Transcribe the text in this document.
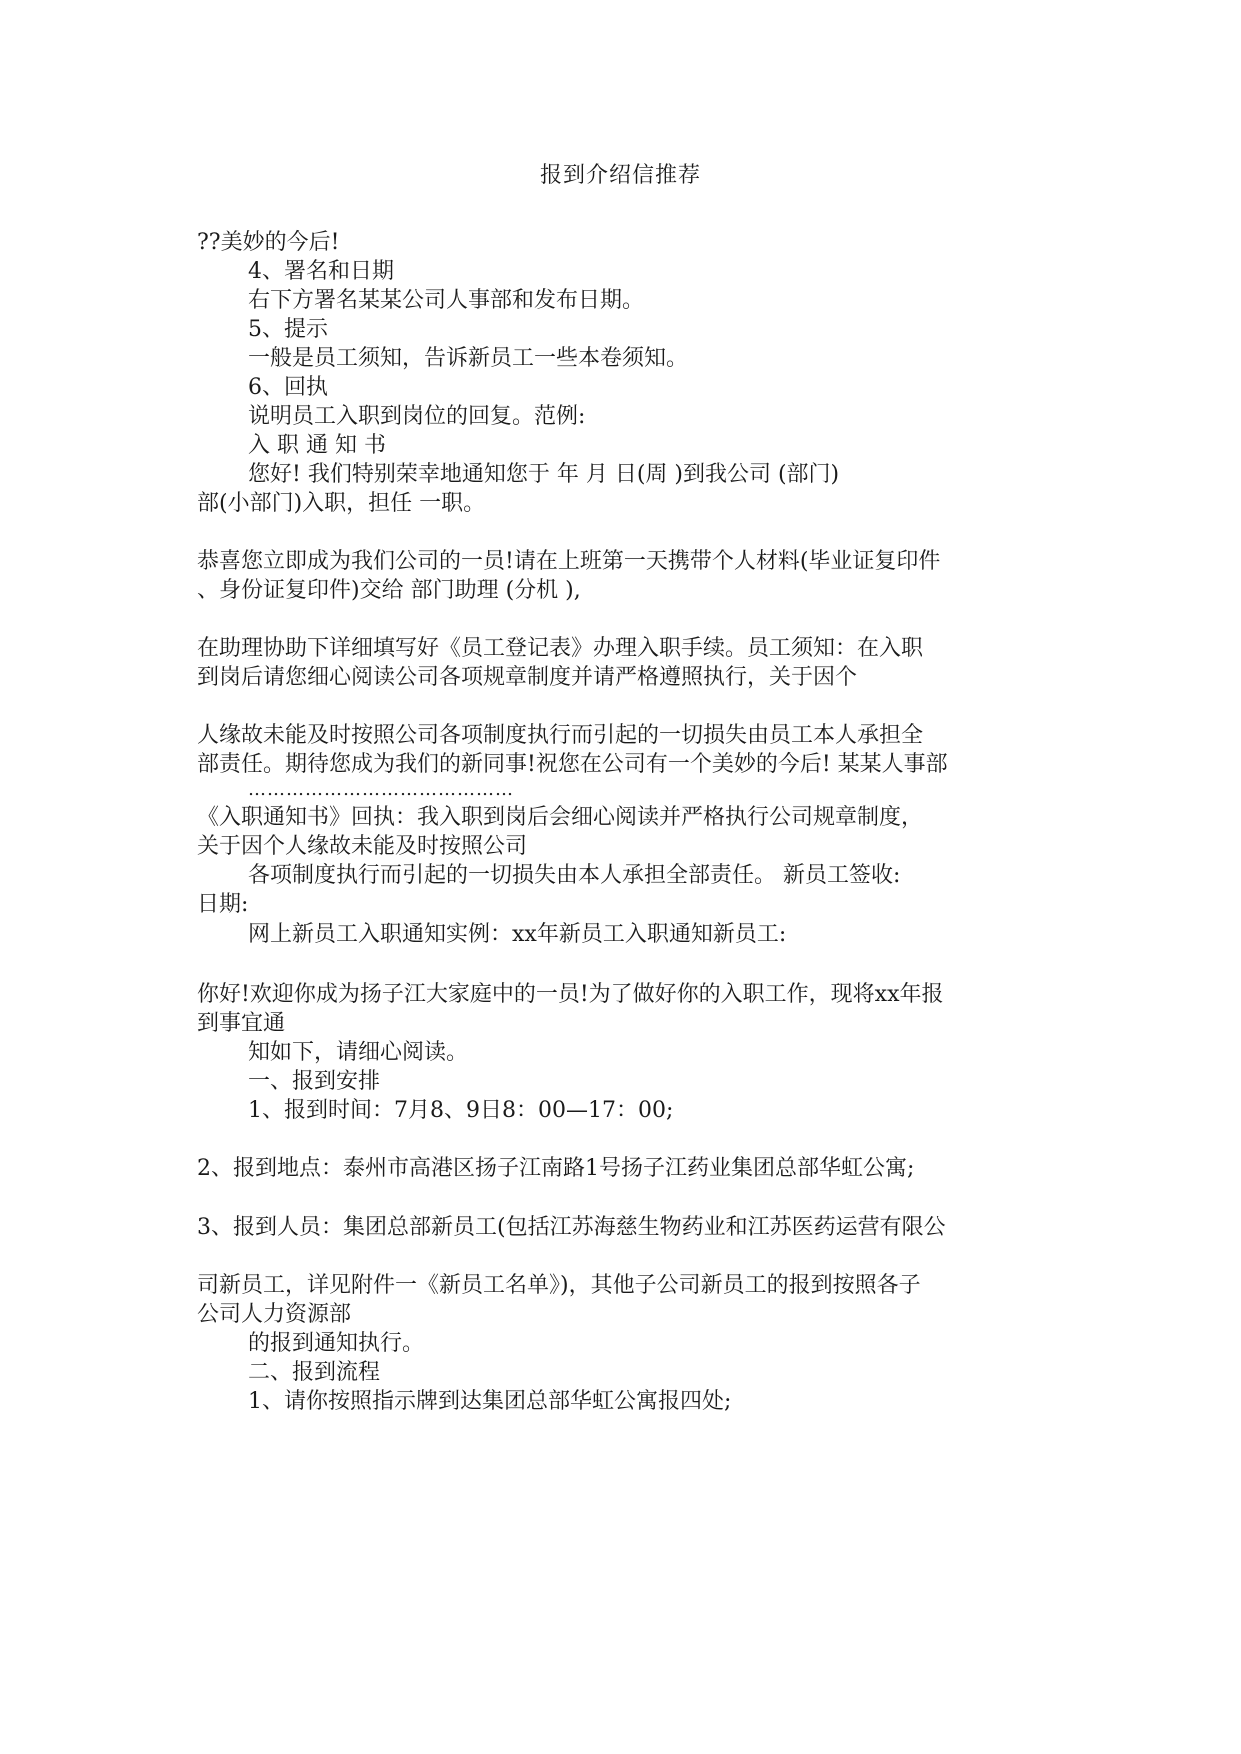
报到介绍信推荐
??美妙的今后!
4、署名和日期
右下方署名某某公司人事部和发布日期。
5、提示
一般是员工须知，告诉新员工一些本卷须知。
6、回执
说明员工入职到岗位的回复。范例:
入 职 通 知 书
您好! 我们特别荣幸地通知您于 年 月 日(周 )到我公司 (部门)
部(小部门)入职，担任 一职。
恭喜您立即成为我们公司的一员!请在上班第一天携带个人材料(毕业证复印件
、身份证复印件)交给 部门助理 (分机 ),
在助理协助下详细填写好《员工登记表》办理入职手续。员工须知：在入职
到岗后请您细心阅读公司各项规章制度并请严格遵照执行，关于因个
人缘故未能及时按照公司各项制度执行而引起的一切损失由员工本人承担全
部责任。期待您成为我们的新同事!祝您在公司有一个美妙的今后! 某某人事部
……………………………………
《入职通知书》回执：我入职到岗后会细心阅读并严格执行公司规章制度，
关于因个人缘故未能及时按照公司
各项制度执行而引起的一切损失由本人承担全部责任。 新员工签收:
日期:
网上新员工入职通知实例：xx年新员工入职通知新员工:
你好!欢迎你成为扬子江大家庭中的一员!为了做好你的入职工作，现将xx年报
到事宜通
知如下，请细心阅读。
一、报到安排
1、报到时间：7月8、9日8：00—17：00;
2、报到地点：泰州市高港区扬子江南路1号扬子江药业集团总部华虹公寓;
3、报到人员：集团总部新员工(包括江苏海慈生物药业和江苏医药运营有限公
司新员工，详见附件一《新员工名单》)，其他子公司新员工的报到按照各子
公司人力资源部
的报到通知执行。
二、报到流程
1、请你按照指示牌到达集团总部华虹公寓报四处;
